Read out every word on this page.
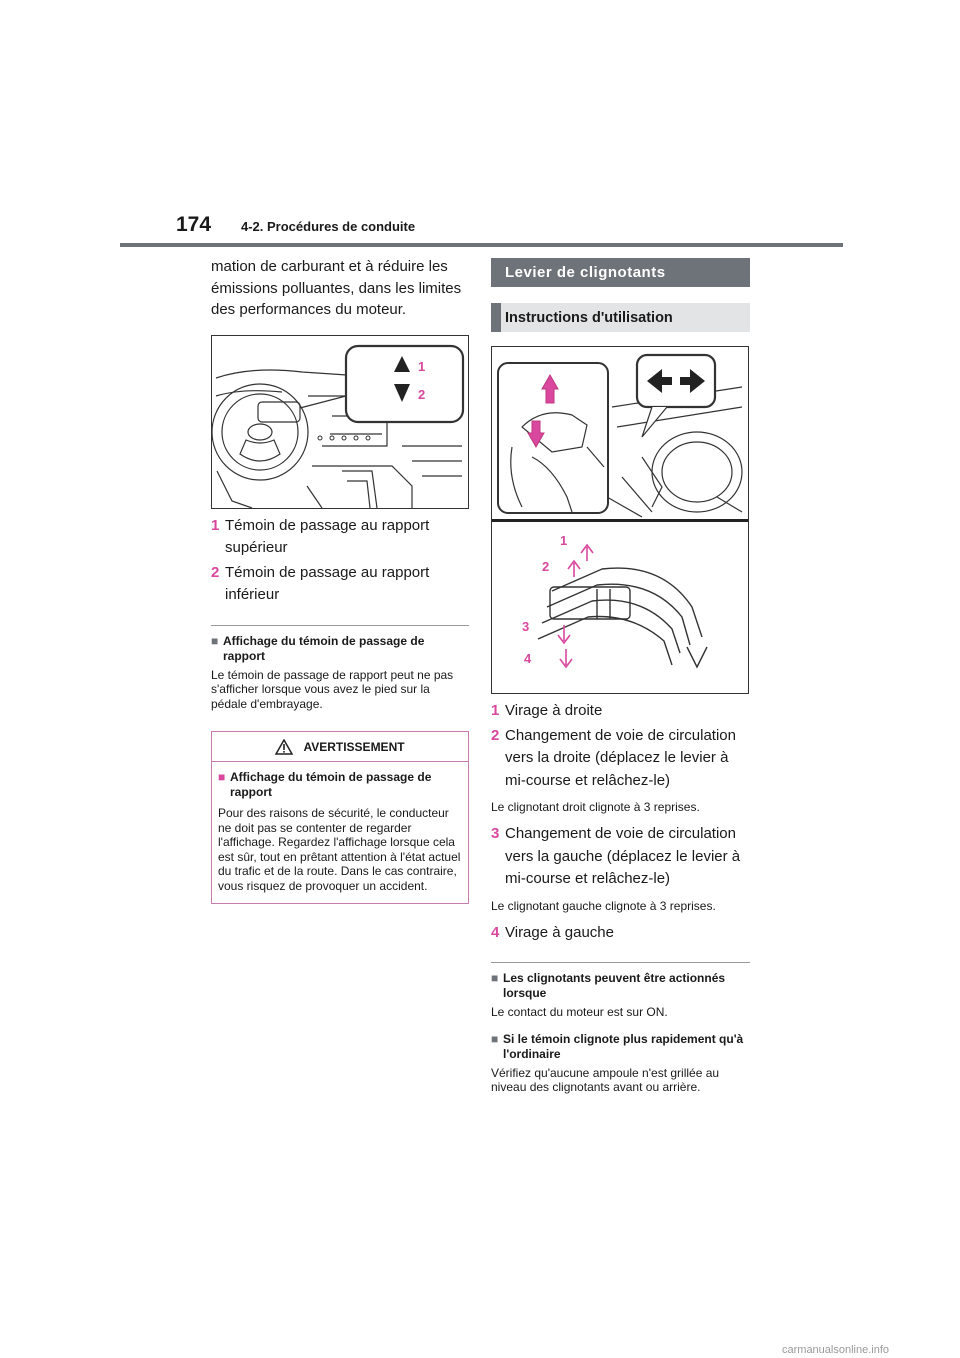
174 4-2. Procédures de conduite

mation de carburant et à réduire les émissions polluantes, dans les limites des performances du moteur.

1
2
1 Témoin de passage au rapport supérieur
2 Témoin de passage au rapport inférieur
■ Affichage du témoin de passage de rapport

Le témoin de passage de rapport peut ne pas s'afficher lorsque vous avez le pied sur la pédale d'embrayage.

AVERTISSEMENT
■ Affichage du témoin de passage de rapport

Pour des raisons de sécurité, le conducteur ne doit pas se contenter de regarder l'affichage. Regardez l'affichage lorsque cela est sûr, tout en prêtant attention à l'état actuel du trafic et de la route. Dans le cas contraire, vous risquez de provoquer un accident.

Levier de clignotants
Instructions d'utilisation
1
2
3
4
1 Virage à droite
2 Changement de voie de circulation vers la droite (déplacez le levier à mi-course et relâchez-le)

Le clignotant droit clignote à 3 reprises.

3 Changement de voie de circulation vers la gauche (déplacez le levier à mi-course et relâchez-le)

Le clignotant gauche clignote à 3 reprises.

4 Virage à gauche
■ Les clignotants peuvent être actionnés lorsque

Le contact du moteur est sur ON.

■ Si le témoin clignote plus rapidement qu'à l'ordinaire

Vérifiez qu'aucune ampoule n'est grillée au niveau des clignotants avant ou arrière.

carmanualsonline.info
